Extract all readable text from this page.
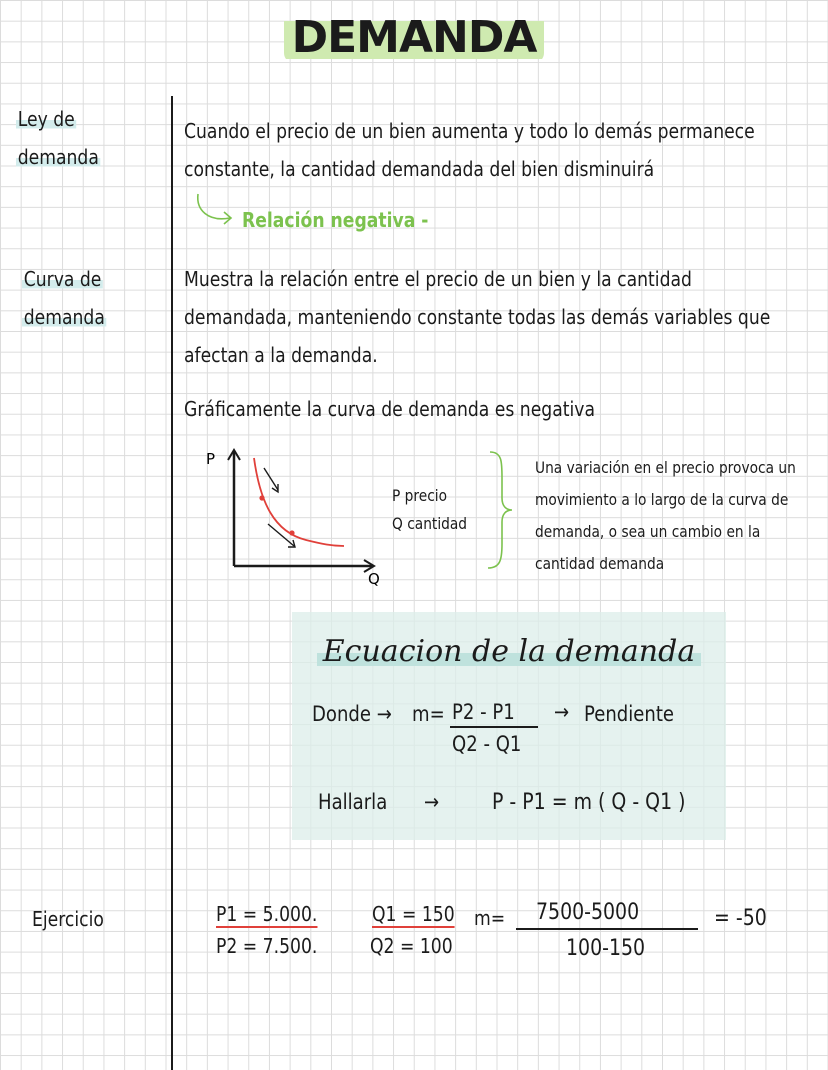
DEMANDA
Ley de
demanda
Cuando el precio de un bien aumenta y todo lo demás permanece
constante, la cantidad demandada del bien disminuirá
Relación negativa -
Curva de
demanda
Muestra la relación entre el precio de un bien y la cantidad
demandada, manteniendo constante todas las demás variables que
afectan a la demanda.
Gráficamente la curva de demanda es negativa
P
Q
P precio
Q cantidad
Una variación en el precio provoca un
movimiento a lo largo de la curva de
demanda, o sea un cambio en la
cantidad demanda
Ecuacion de la demanda
Donde → m= P2 - P1
Q2 - Q1
→ Pendiente
Hallarla → P - P1 = m ( Q - Q1 )
Ejercicio	P1 = 5.000.
P2 = 7.500.
Q1 = 150
Q2 = 100
m= 7500-5000
100-150
= -50
